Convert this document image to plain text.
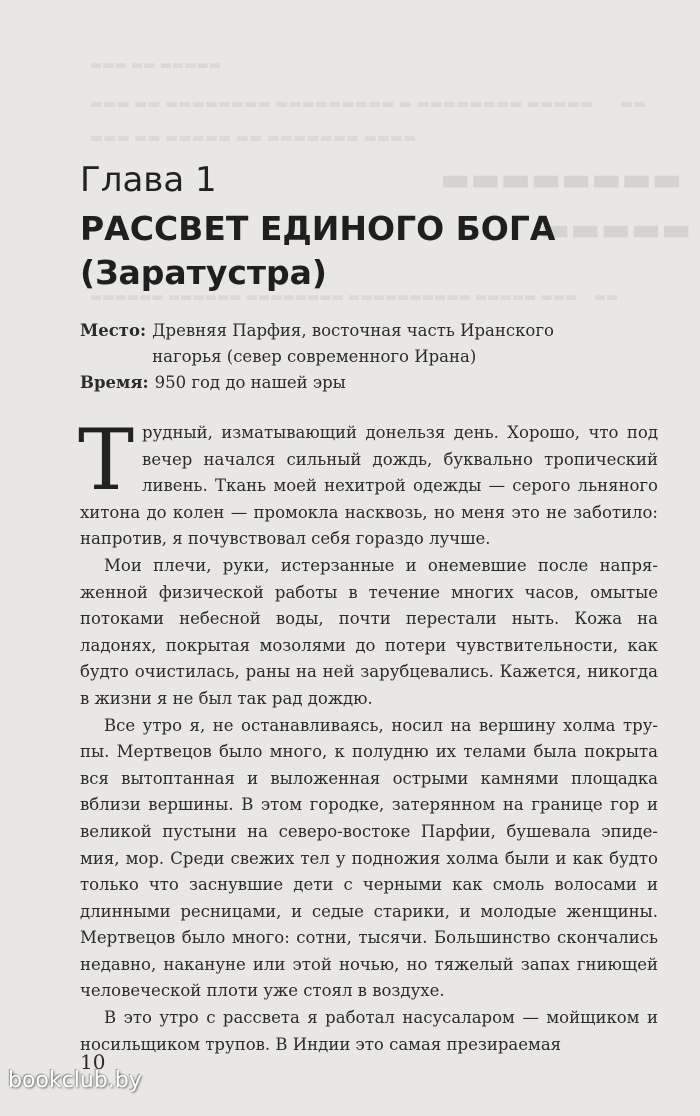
▬▬▬ ▬▬ ▬▬▬▬▬
▬▬▬ ▬▬ ▬▬▬▬▬▬▬▬ ▬▬▬▬▬▬▬▬▬ ▬ ▬▬▬▬▬▬▬▬ ▬▬▬▬▬      ▬▬
▬▬▬ ▬▬ ▬▬▬▬▬ ▬▬ ▬▬▬▬▬▬▬ ▬▬▬▬
▬▬▬▬▬▬▬▬
▬▬▬▬▬
▬▬▬▬▬▬ ▬▬▬▬▬▬ ▬▬▬▬▬▬▬▬ ▬▬▬▬▬▬▬▬▬▬ ▬▬▬▬▬ ▬▬▬    ▬▬
Глава 1
РАССВЕТ ЕДИНОГО БОГА
(Заратустра)
Место: Древняя Парфия, восточная часть Иранского
нагорья (север современного Ирана)
Время: 950 год до нашей эры

Трудный, изматывающий донельзя день. Хорошо, что под вечер начался сильный дождь, буквально тропический ливень. Ткань моей нехитрой одежды — серого льняного хитона до колен — промокла насквозь, но меня это не заботило: напротив, я почувствовал себя гораздо лучше.

Мои плечи, руки, истерзанные и онемевшие после напряженной физической работы в течение многих часов, омытые потоками небесной воды, почти перестали ныть. Кожа на ладонях, покрытая мозолями до потери чувствительности, как будто очистилась, раны на ней зарубцевались. Кажется, никогда в жизни я не был так рад дождю.

Все утро я, не останавливаясь, носил на вершину холма трупы. Мертвецов было много, к полудню их телами была покрыта вся вытоптанная и выложенная острыми камнями площадка вблизи вершины. В этом городке, затерянном на границе гор и великой пустыни на северо-востоке Парфии, бушевала эпидемия, мор. Среди свежих тел у подножия холма были и как будто только что заснувшие дети с черными как смоль волосами и длинными ресницами, и седые старики, и молодые женщины. Мертвецов было много: сотни, тысячи. Большинство скончались недавно, накануне или этой ночью, но тяжелый запах гниющей человеческой плоти уже стоял в воздухе.

В это утро с рассвета я работал насусаларом — мойщиком и носильщиком трупов. В Индии это самая презираемая

10
bookclub.by
